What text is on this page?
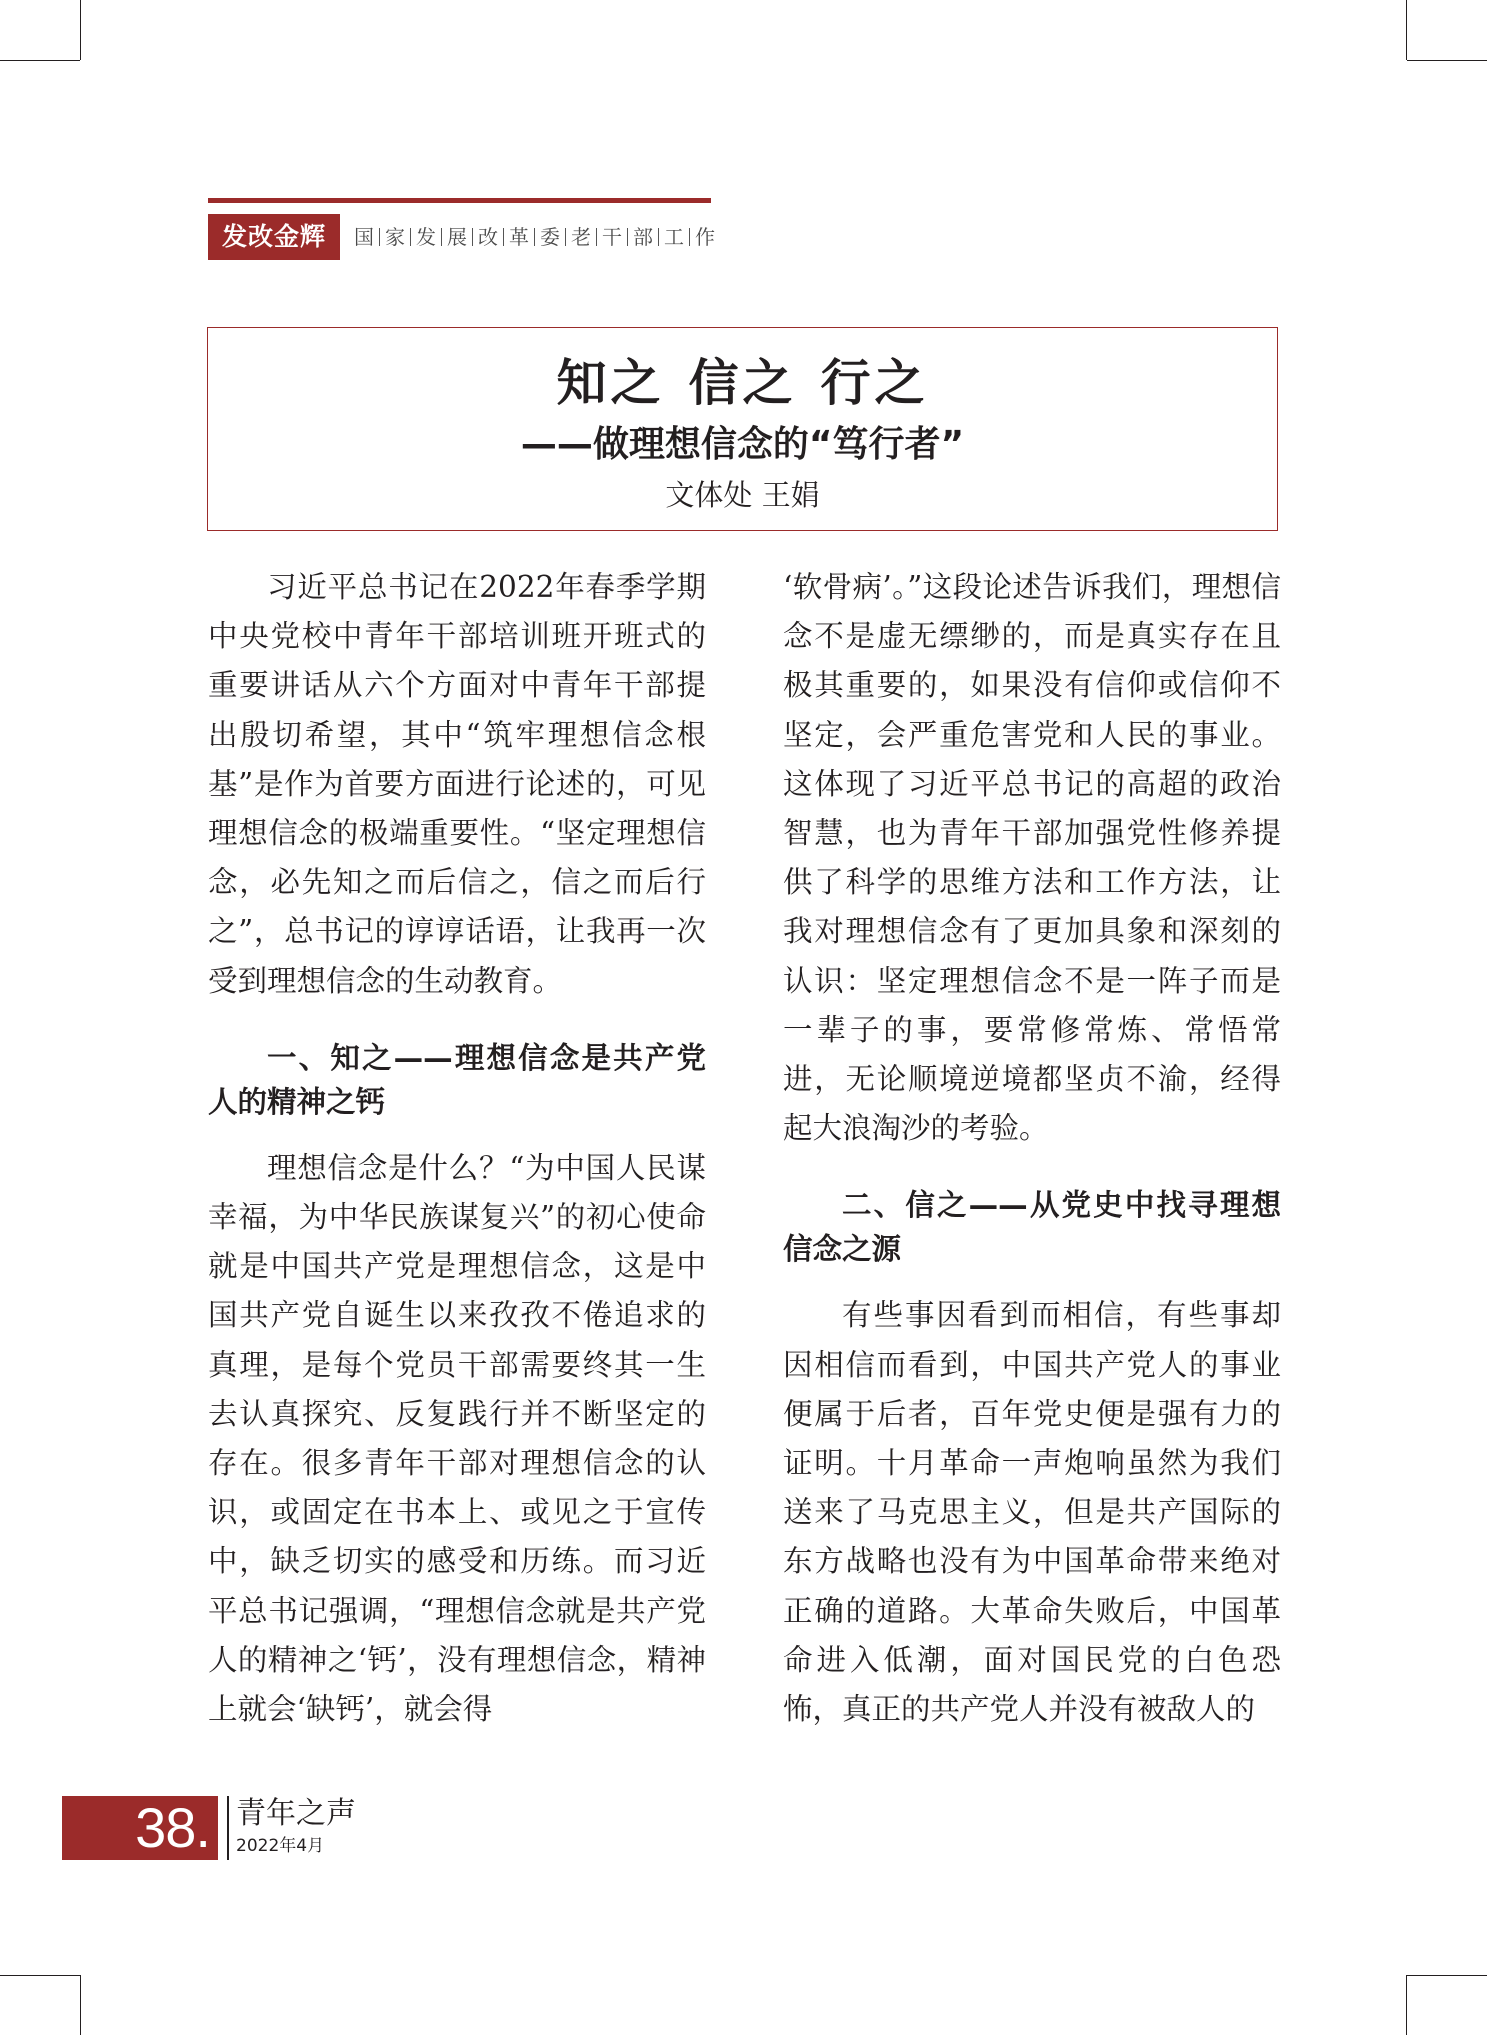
发改金辉	国 家 发 展 改 革 委 老 干 部 工 作
知之 信之 行之
——做理想信念的“笃行者”
文体处 王娟

习近平总书记在2022年春季学期中央党校中青年干部培训班开班式的重要讲话从六个方面对中青年干部提出殷切希望，其中“筑牢理想信念根基”是作为首要方面进行论述的，可见理想信念的极端重要性。“坚定理想信念，必先知之而后信之，信之而后行之”，总书记的谆谆话语，让我再一次受到理想信念的生动教育。

一、知之——理想信念是共产党人的精神之钙

理想信念是什么？“为中国人民谋幸福，为中华民族谋复兴”的初心使命就是中国共产党是理想信念，这是中国共产党自诞生以来孜孜不倦追求的真理，是每个党员干部需要终其一生去认真探究、反复践行并不断坚定的存在。很多青年干部对理想信念的认识，或固定在书本上、或见之于宣传中，缺乏切实的感受和历练。而习近平总书记强调，“理想信念就是共产党人的精神之‘钙’，没有理想信念，精神上就会‘缺钙’，就会得

‘软骨病’。”这段论述告诉我们，理想信念不是虚无缥缈的，而是真实存在且极其重要的，如果没有信仰或信仰不坚定，会严重危害党和人民的事业。这体现了习近平总书记的高超的政治智慧，也为青年干部加强党性修养提供了科学的思维方法和工作方法，让我对理想信念有了更加具象和深刻的认识：坚定理想信念不是一阵子而是一辈子的事，要常修常炼、常悟常进，无论顺境逆境都坚贞不渝，经得起大浪淘沙的考验。

二、信之——从党史中找寻理想信念之源

有些事因看到而相信，有些事却因相信而看到，中国共产党人的事业便属于后者，百年党史便是强有力的证明。十月革命一声炮响虽然为我们送来了马克思主义，但是共产国际的东方战略也没有为中国革命带来绝对正确的道路。大革命失败后，中国革命进入低潮，面对国民党的白色恐怖，真正的共产党人并没有被敌人的

38. 青年之声
2022年4月
